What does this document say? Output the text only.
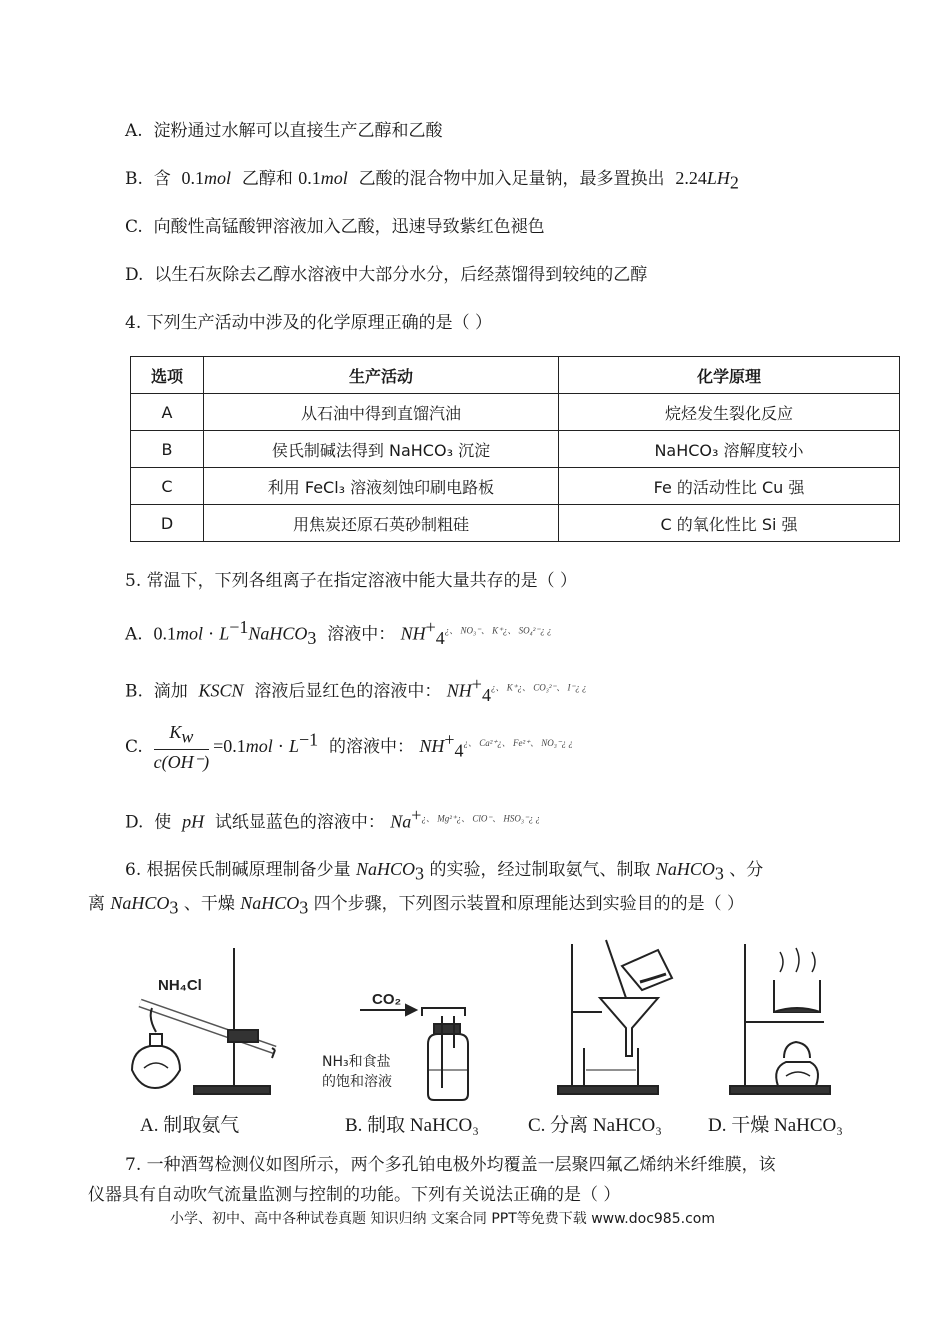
A. 淀粉通过水解可以直接生产乙醇和乙酸
B. 含 0.1mol 乙醇和 0.1mol 乙酸的混合物中加入足量钠，最多置换出 $2.24LH_2$
C. 向酸性高锰酸钾溶液加入乙酸，迅速导致紫红色褪色
D. 以生石灰除去乙醇水溶液中大部分水分，后经蒸馏得到较纯的乙醇
4. 下列生产活动中涉及的化学原理正确的是（ ）
选项	生产活动	化学原理
A	从石油中得到直馏汽油	烷烃发生裂化反应
B	侯氏制碱法得到 NaHCO₃ 沉淀	NaHCO₃ 溶解度较小
C	利用 FeCl₃ 溶液刻蚀印刷电路板	Fe 的活动性比 Cu 强
D	用焦炭还原石英砂制粗硅	C 的氧化性比 Si 强
5. 常温下，下列各组离子在指定溶液中能大量共存的是（ ）
A. $0.1mol \cdot L^{-1}NaHCO_3$ 溶液中： $NH^+_4^{¿、 NO_3^-、 K^+¿、 SO_4^{2-}¿ ¿}$
B. 滴加 KSCN 溶液后显红色的溶液中： $NH^+_4^{¿、 K^+¿、 CO_3^{2-}、 I^-¿ ¿}$
C. $\frac{K_w}{c(OH^-)} =0.1mol \cdot L^{-1}$ 的溶液中： $NH^+_4^{¿、 Ca^{2+}¿、 Fe^{2+}、 NO_3^-¿ ¿}$
D. 使 pH 试纸显蓝色的溶液中： $Na^{+¿、 Mg^{2+}¿、 ClO^-、 HSO_3^-¿ ¿}$
6. 根据侯氏制碱原理制备少量 NaHCO$_3$ 的实验，经过制取氨气、制取 NaHCO$_3$ 、分
离 NaHCO$_3$ 、干燥 NaHCO$_3$ 四个步骤，下列图示装置和原理能达到实验目的的是（ ）
NH₄Cl
CO₂
NH₃和食盐
的饱和溶液
A. 制取氨气	B. 制取 NaHCO₃	C. 分离 NaHCO₃ D. 干燥 NaHCO₃
7. 一种酒驾检测仪如图所示，两个多孔铂电极外均覆盖一层聚四氟乙烯纳米纤维膜，该
仪器具有自动吹气流量监测与控制的功能。下列有关说法正确的是（ ）
小学、初中、高中各种试卷真题 知识归纳 文案合同 PPT等免费下载 www.doc985.com
